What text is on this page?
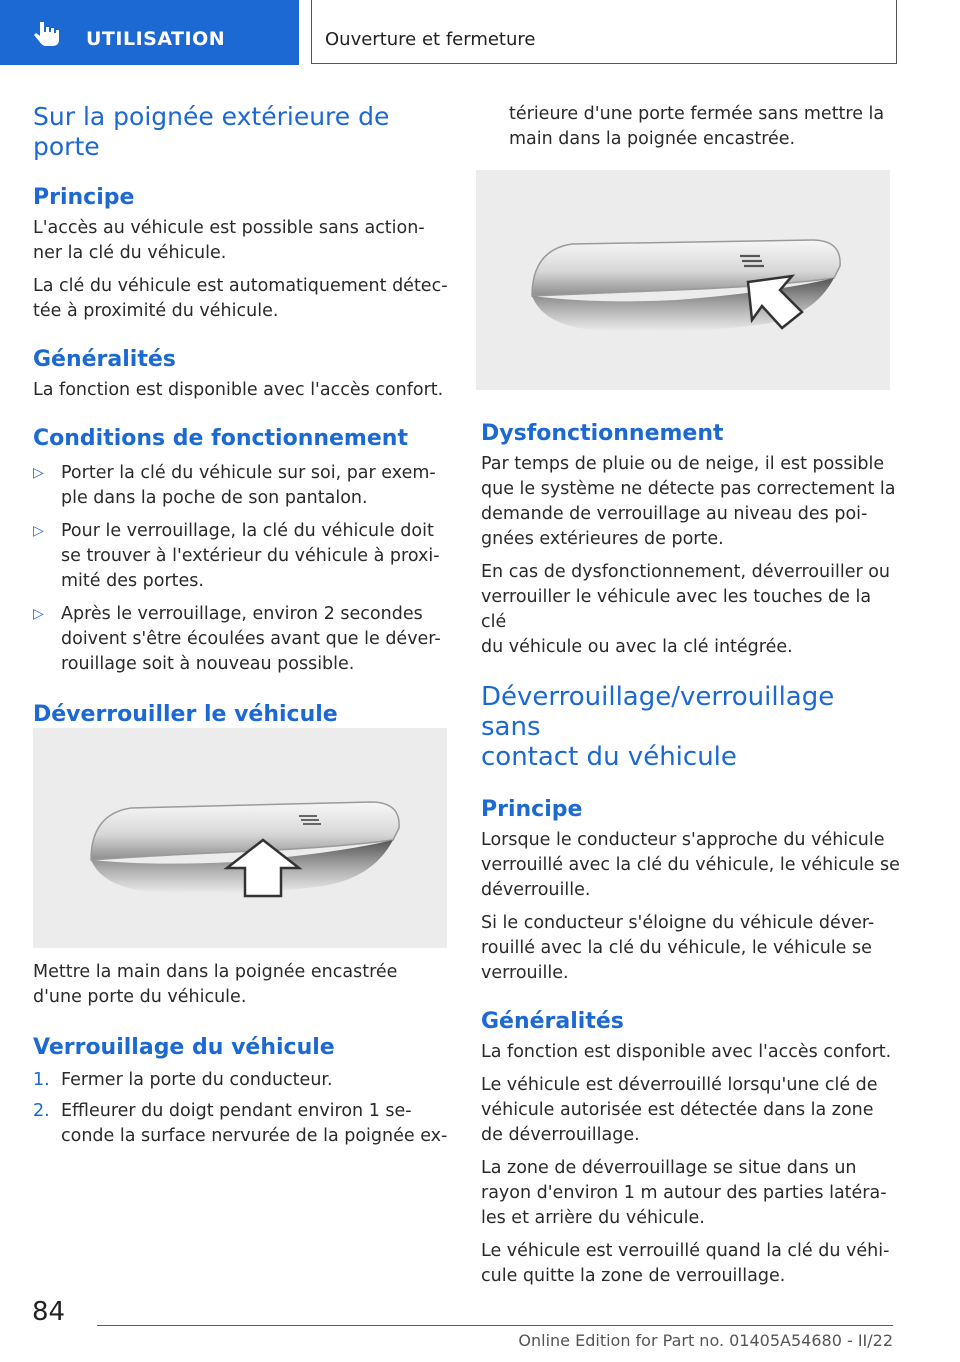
UTILISATION	Ouverture et fermeture
Sur la poignée extérieure de porte
Principe

L'accès au véhicule est possible sans action-
ner la clé du véhicule.

La clé du véhicule est automatiquement détec-
tée à proximité du véhicule.

Généralités

La fonction est disponible avec l'accès confort.

Conditions de fonctionnement
▷ Porter la clé du véhicule sur soi, par exem-
ple dans la poche de son pantalon.
▷ Pour le verrouillage, la clé du véhicule doit
se trouver à l'extérieur du véhicule à proxi-
mité des portes.
▷ Après le verrouillage, environ 2 secondes
doivent s'être écoulées avant que le déver-
rouillage soit à nouveau possible.
Déverrouiller le véhicule

Mettre la main dans la poignée encastrée
d'une porte du véhicule.

Verrouillage du véhicule
1. Fermer la porte du conducteur.
2. Effleurer du doigt pendant environ 1 se-
conde la surface nervurée de la poignée ex-

térieure d'une porte fermée sans mettre la
main dans la poignée encastrée.

Dysfonctionnement

Par temps de pluie ou de neige, il est possible
que le système ne détecte pas correctement la
demande de verrouillage au niveau des poi-
gnées extérieures de porte.

En cas de dysfonctionnement, déverrouiller ou
verrouiller le véhicule avec les touches de la clé
du véhicule ou avec la clé intégrée.

Déverrouillage/verrouillage sans
contact du véhicule
Principe

Lorsque le conducteur s'approche du véhicule
verrouillé avec la clé du véhicule, le véhicule se
déverrouille.

Si le conducteur s'éloigne du véhicule déver-
rouillé avec la clé du véhicule, le véhicule se
verrouille.

Généralités

La fonction est disponible avec l'accès confort.

Le véhicule est déverrouillé lorsqu'une clé de
véhicule autorisée est détectée dans la zone
de déverrouillage.

La zone de déverrouillage se situe dans un
rayon d'environ 1 m autour des parties latéra-
les et arrière du véhicule.

Le véhicule est verrouillé quand la clé du véhi-
cule quitte la zone de verrouillage.

84
Online Edition for Part no. 01405A54680 - II/22
